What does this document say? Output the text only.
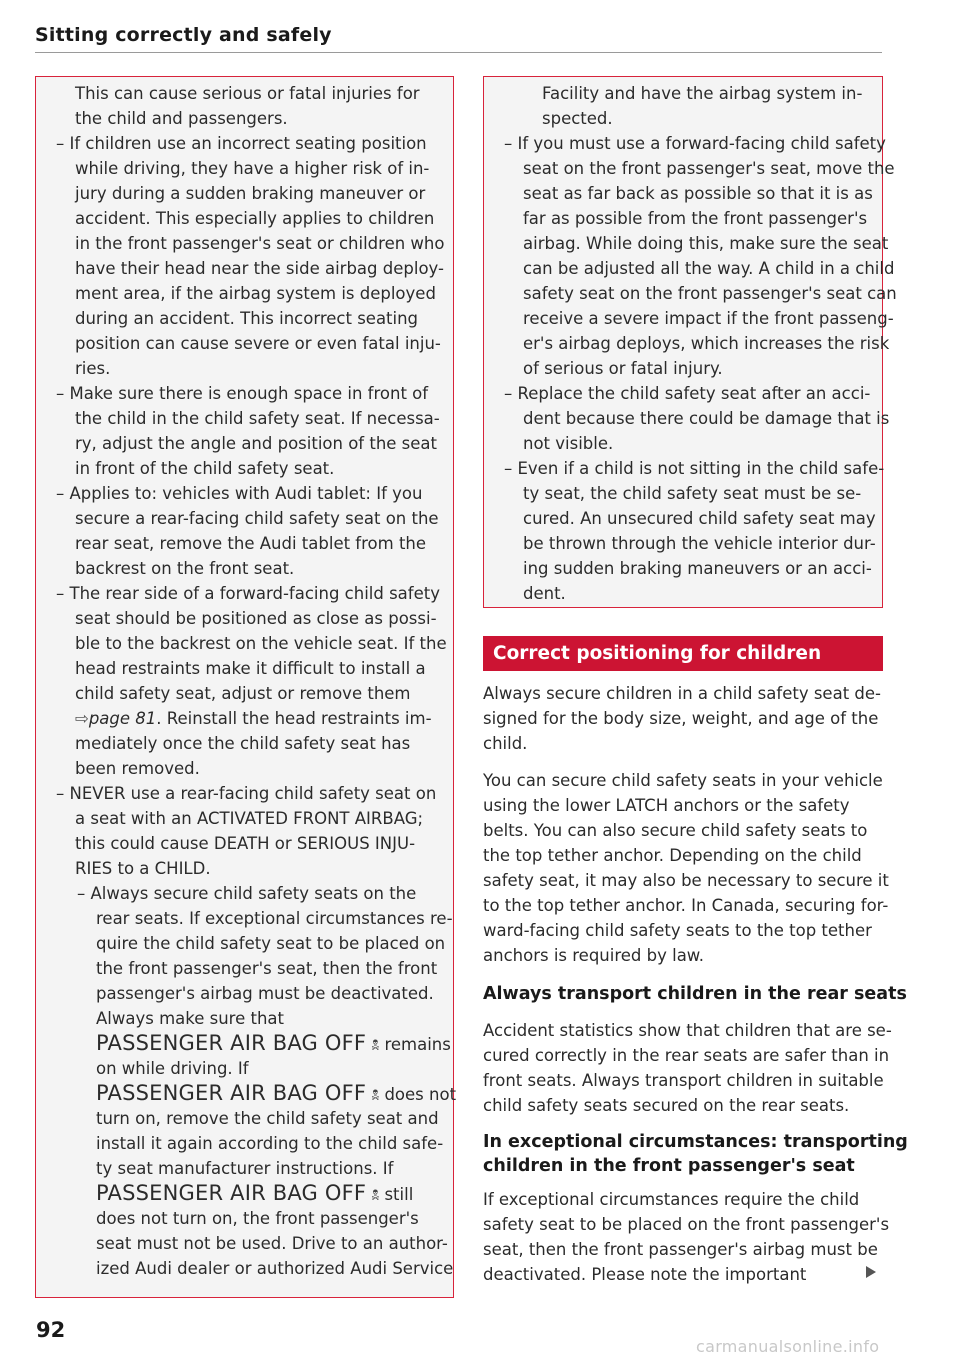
Sitting correctly and safely
This can cause serious or fatal injuries for
the child and passengers.
– If children use an incorrect seating position
while driving, they have a higher risk of in-
jury during a sudden braking maneuver or
accident. This especially applies to children
in the front passenger's seat or children who
have their head near the side airbag deploy-
ment area, if the airbag system is deployed
during an accident. This incorrect seating
position can cause severe or even fatal inju-
ries.
– Make sure there is enough space in front of
the child in the child safety seat. If necessa-
ry, adjust the angle and position of the seat
in front of the child safety seat.
– Applies to: vehicles with Audi tablet: If you
secure a rear-facing child safety seat on the
rear seat, remove the Audi tablet from the
backrest on the front seat.
– The rear side of a forward-facing child safety
seat should be positioned as close as possi-
ble to the backrest on the vehicle seat. If the
head restraints make it difficult to install a
child safety seat, adjust or remove them
⇨page 81. Reinstall the head restraints im-
mediately once the child safety seat has
been removed.
– NEVER use a rear-facing child safety seat on
a seat with an ACTIVATED FRONT AIRBAG;
this could cause DEATH or SERIOUS INJU-
RIES to a CHILD.
– Always secure child safety seats on the
rear seats. If exceptional circumstances re-
quire the child safety seat to be placed on
the front passenger's seat, then the front
passenger's airbag must be deactivated.
Always make sure that
PASSENGER AIR BAG OFF 🕱 remains
on while driving. If
PASSENGER AIR BAG OFF 🕱 does not
turn on, remove the child safety seat and
install it again according to the child safe-
ty seat manufacturer instructions. If
PASSENGER AIR BAG OFF 🕱 still
does not turn on, the front passenger's
seat must not be used. Drive to an author-
ized Audi dealer or authorized Audi Service
Facility and have the airbag system in-
spected.
– If you must use a forward-facing child safety
seat on the front passenger's seat, move the
seat as far back as possible so that it is as
far as possible from the front passenger's
airbag. While doing this, make sure the seat
can be adjusted all the way. A child in a child
safety seat on the front passenger's seat can
receive a severe impact if the front passeng-
er's airbag deploys, which increases the risk
of serious or fatal injury.
– Replace the child safety seat after an acci-
dent because there could be damage that is
not visible.
– Even if a child is not sitting in the child safe-
ty seat, the child safety seat must be se-
cured. An unsecured child safety seat may
be thrown through the vehicle interior dur-
ing sudden braking maneuvers or an acci-
dent.
Correct positioning for children
Always secure children in a child safety seat de-
signed for the body size, weight, and age of the
child.
You can secure child safety seats in your vehicle
using the lower LATCH anchors or the safety
belts. You can also secure child safety seats to
the top tether anchor. Depending on the child
safety seat, it may also be necessary to secure it
to the top tether anchor. In Canada, securing for-
ward-facing child safety seats to the top tether
anchors is required by law.
Always transport children in the rear seats
Accident statistics show that children that are se-
cured correctly in the rear seats are safer than in
front seats. Always transport children in suitable
child safety seats secured on the rear seats.
In exceptional circumstances: transporting
children in the front passenger's seat
If exceptional circumstances require the child
safety seat to be placed on the front passenger's
seat, then the front passenger's airbag must be
deactivated. Please note the important
92
carmanualsonline.info
